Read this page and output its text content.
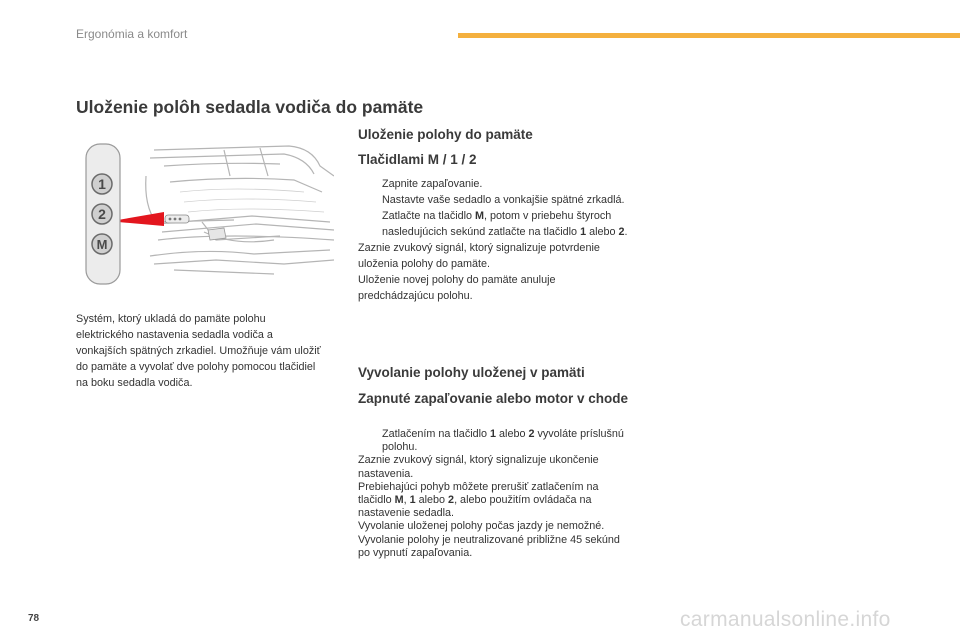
Ergonómia a komfort
Uloženie polôh sedadla vodiča do pamäte
1
2
M
Systém, ktorý ukladá do pamäte polohu elektrického nastavenia sedadla vodiča a vonkajších spätných zrkadiel. Umožňuje vám uložiť do pamäte a vyvolať dve polohy pomocou tlačidiel na boku sedadla vodiča.
Uloženie polohy do pamäte
Tlačidlami M / 1 / 2
Zapnite zapaľovanie.
Nastavte vaše sedadlo a vonkajšie spätné zrkadlá.
Zatlačte na tlačidlo M, potom v priebehu štyroch nasledujúcich sekúnd zatlačte na tlačidlo 1 alebo 2.
Zaznie zvukový signál, ktorý signalizuje potvrdenie uloženia polohy do pamäte.
Uloženie novej polohy do pamäte anuluje predchádzajúcu polohu.
Vyvolanie polohy uloženej v pamäti
Zapnuté zapaľovanie alebo motor v chode
Zatlačením na tlačidlo 1 alebo 2 vyvoláte príslušnú polohu.
Zaznie zvukový signál, ktorý signalizuje ukončenie nastavenia.
Prebiehajúci pohyb môžete prerušiť zatlačením na tlačidlo M, 1 alebo 2, alebo použitím ovládača na nastavenie sedadla.
Vyvolanie uloženej polohy počas jazdy je nemožné.
Vyvolanie polohy je neutralizované približne 45 sekúnd po vypnutí zapaľovania.
78	carmanualsonline.info
